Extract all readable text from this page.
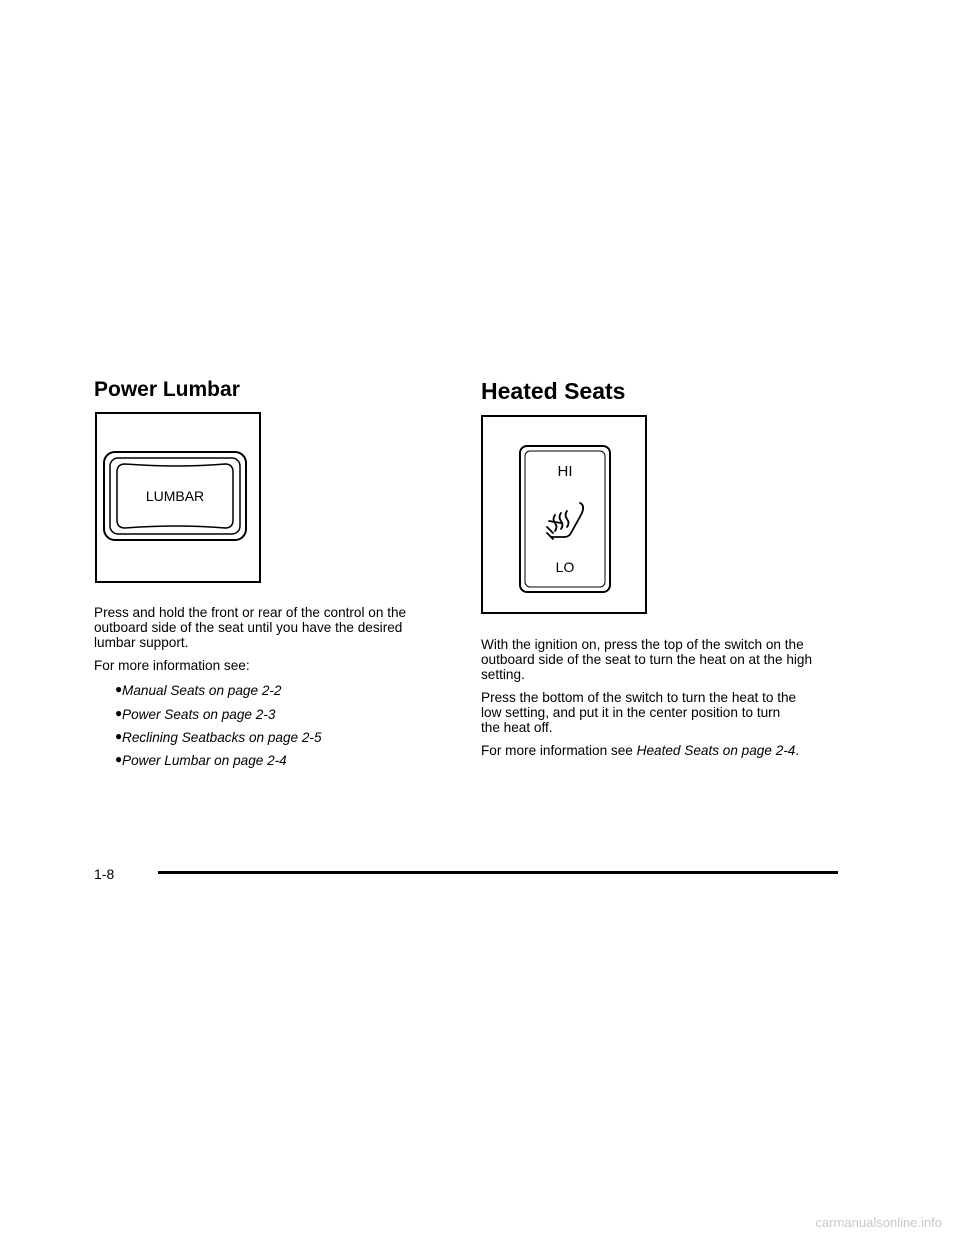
Power Lumbar
LUMBAR
Press and hold the front or rear of the control on the
outboard side of the seat until you have the desired
lumbar support.
For more information see:
● Manual Seats on page 2-2
● Power Seats on page 2-3
● Reclining Seatbacks on page 2-5
● Power Lumbar on page 2-4
Heated Seats
HI
LO
With the ignition on, press the top of the switch on the
outboard side of the seat to turn the heat on at the high
setting.
Press the bottom of the switch to turn the heat to the
low setting, and put it in the center position to turn
the heat off.
For more information see Heated Seats on page 2-4.
1-8
carmanualsonline.info
